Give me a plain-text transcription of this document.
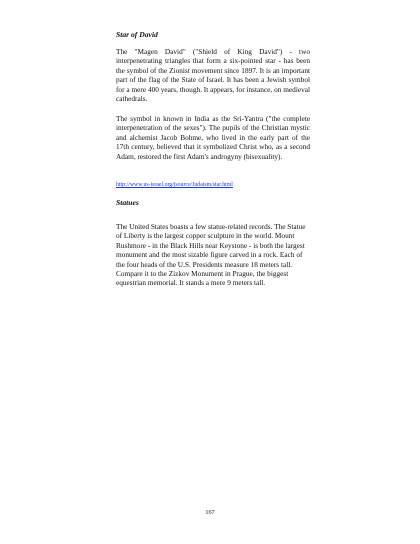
Star of David
The "Magen David" ("Shield of King David") - two interpenetrating triangles that form a six-pointed star - has been the symbol of the Zionist movement since 1897. It is an important part of the flag of the State of Israel. It has been a Jewish symbol for a mere 400 years, though. It appears, for instance, on medieval cathedrals.
The symbol in known in India as the Sri-Yantra ("the complete interpenetration of the sexes"). The pupils of the Christian mystic and alchemist Jacob Bohme, who lived in the early part of the 17th century, believed that it symbolized Christ who, as a second Adam, restored the first Adam's androgyny (bisexuality).
http://www.us-israel.org/jsource/Judaism/star.html
Statues
The United States boasts a few statue-related records. The Statue of Liberty is the largest copper sculpture in the world. Mount Rushmore - in the Black Hills near Keystone - is both the largest monument and the most sizable figure carved in a rock. Each of the four heads of the U.S. Presidents measure 18 meters tall. Compare it to the Zizkov Monument in Prague, the biggest equestrian memorial. It stands a mere 9 meters tall.
167
